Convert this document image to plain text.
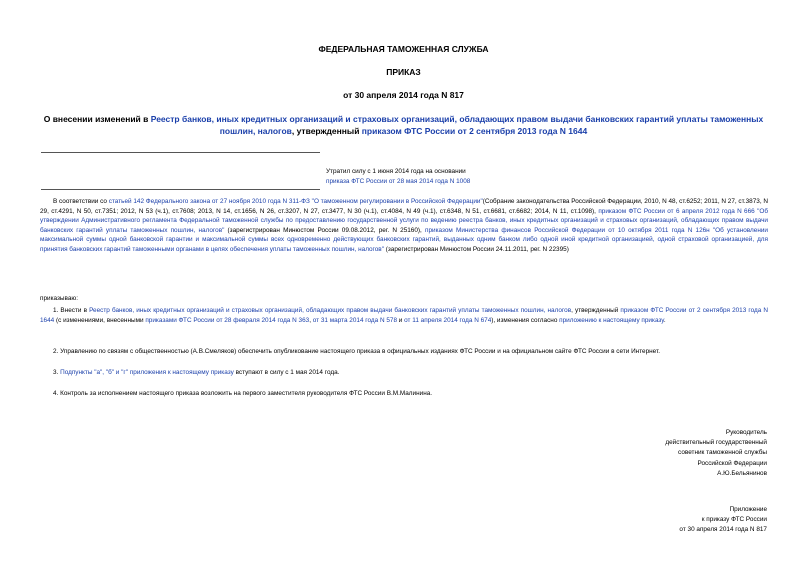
ФЕДЕРАЛЬНАЯ ТАМОЖЕННАЯ СЛУЖБА
ПРИКАЗ
от 30 апреля 2014 года N 817
О внесении изменений в Реестр банков, иных кредитных организаций и страховых организаций, обладающих правом выдачи банковских гарантий уплаты таможенных пошлин, налогов, утвержденный приказом ФТС России от 2 сентября 2013 года N 1644
Утратил силу с 1 июня 2014 года на основании
приказа ФТС России от 28 мая 2014 года N 1008
В соответствии со статьей 142 Федерального закона от 27 ноября 2010 года N 311-ФЗ "О таможенном регулировании в Российской Федерации"(Собрание законодательства Российской Федерации, 2010, N 48, ст.6252; 2011, N 27, ст.3873, N 29, ст.4291, N 50, ст.7351; 2012, N 53 (ч.1), ст.7608; 2013, N 14, ст.1656, N 26, ст.3207, N 27, ст.3477, N 30 (ч.1), ст.4084, N 49 (ч.1), ст.6348, N 51, ст.6681, ст.6682; 2014, N 11, ст.1098), приказом ФТС России от 6 апреля 2012 года N 666 "Об утверждении Административного регламента Федеральной таможенной службы по предоставлению государственной услуги по ведению реестра банков, иных кредитных организаций и страховых организаций, обладающих правом выдачи банковских гарантий уплаты таможенных пошлин, налогов" (зарегистрирован Минюстом России 09.08.2012, рег. N 25160), приказом Министерства финансов Российской Федерации от 10 октября 2011 года N 126н "Об установлении максимальной суммы одной банковской гарантии и максимальной суммы всех одновременно действующих банковских гарантий, выданных одним банком либо одной иной кредитной организацией, одной страховой организацией, для принятия банковских гарантий таможенными органами в целях обеспечения уплаты таможенных пошлин, налогов" (зарегистрирован Минюстом России 24.11.2011, рег. N 22395)
приказываю:
1. Внести в Реестр банков, иных кредитных организаций и страховых организаций, обладающих правом выдачи банковских гарантий уплаты таможенных пошлин, налогов, утвержденный приказом ФТС России от 2 сентября 2013 года N 1644 (с изменениями, внесенными приказами ФТС России от 28 февраля 2014 года N 363, от 31 марта 2014 года N 578 и от 11 апреля 2014 года N 674), изменения согласно приложению к настоящему приказу.
2. Управлению по связям с общественностью (А.В.Смеляков) обеспечить опубликование настоящего приказа в официальных изданиях ФТС России и на официальном сайте ФТС России в сети Интернет.
3. Подпункты "а", "б" и "г" приложения к настоящему приказу вступают в силу с 1 мая 2014 года.
4. Контроль за исполнением настоящего приказа возложить на первого заместителя руководителя ФТС России В.М.Малинина.
Руководитель
действительный государственный
советник таможенной службы
Российской Федерации
А.Ю.Бельянинов
Приложение
к приказу ФТС России
от 30 апреля 2014 года N 817
